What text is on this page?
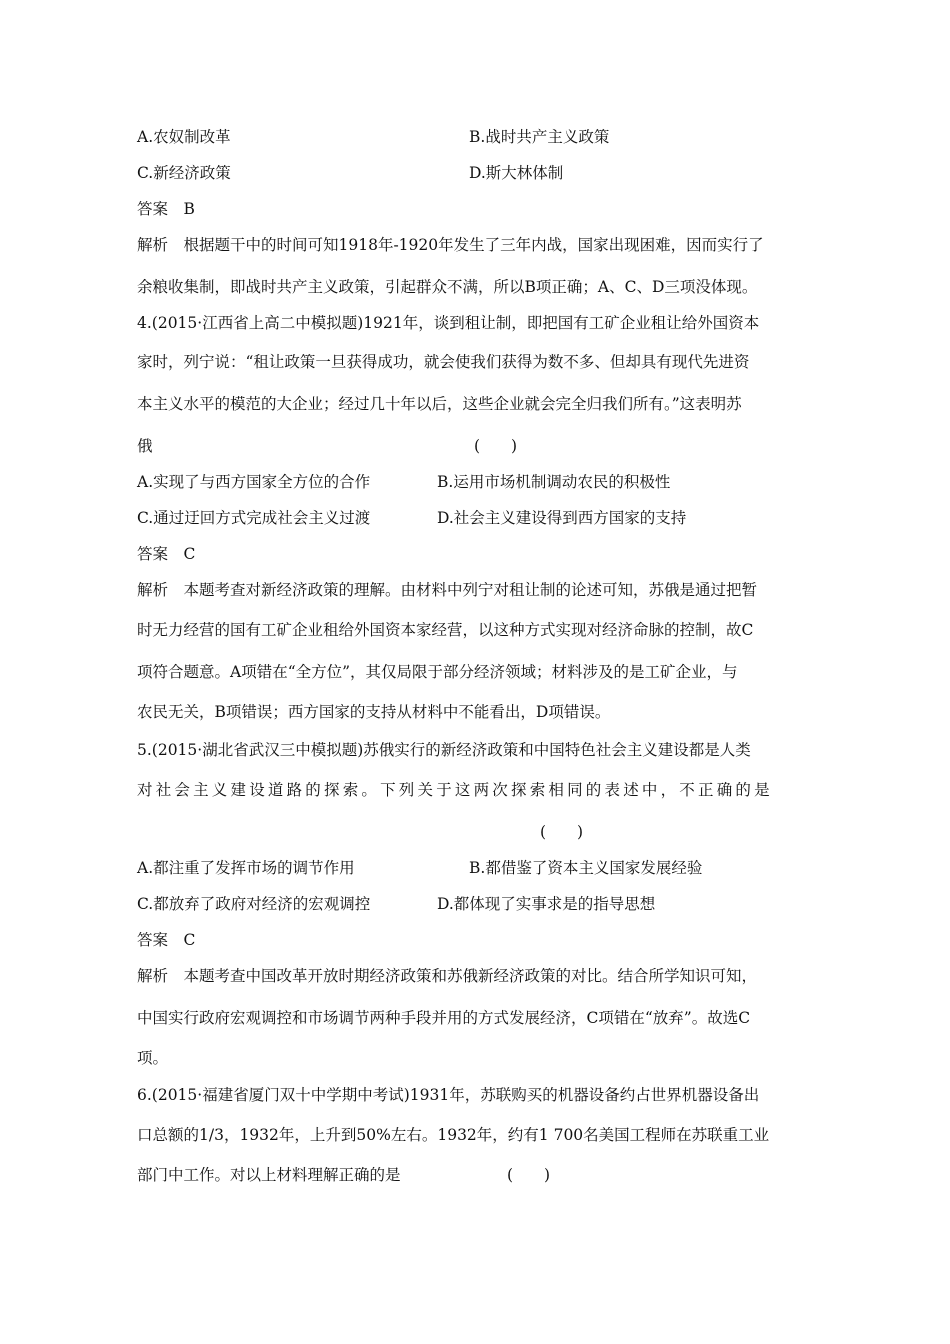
A.农奴制改革	B.战时共产主义政策
C.新经济政策	D.斯大林体制
答案　B
解析　根据题干中的时间可知1918年-1920年发生了三年内战，国家出现困难，因而实行了
余粮收集制，即战时共产主义政策，引起群众不满，所以B项正确；A、C、D三项没体现。
4.(2015·江西省上高二中模拟题)1921年，谈到租让制，即把国有工矿企业租让给外国资本
家时，列宁说：“租让政策一旦获得成功，就会使我们获得为数不多、但却具有现代先进资
本主义水平的模范的大企业；经过几十年以后，这些企业就会完全归我们所有。”这表明苏
俄	(　　)
A.实现了与西方国家全方位的合作	B.运用市场机制调动农民的积极性
C.通过迂回方式完成社会主义过渡	D.社会主义建设得到西方国家的支持
答案　C
解析　本题考查对新经济政策的理解。由材料中列宁对租让制的论述可知，苏俄是通过把暂
时无力经营的国有工矿企业租给外国资本家经营，以这种方式实现对经济命脉的控制，故C
项符合题意。A项错在“全方位”，其仅局限于部分经济领域；材料涉及的是工矿企业，与
农民无关，B项错误；西方国家的支持从材料中不能看出，D项错误。
5.(2015·湖北省武汉三中模拟题)苏俄实行的新经济政策和中国特色社会主义建设都是人类
对社会主义建设道路的探索。下列关于这两次探索相同的表述中，不正确的是
(　　)
A.都注重了发挥市场的调节作用	B.都借鉴了资本主义国家发展经验
C.都放弃了政府对经济的宏观调控	D.都体现了实事求是的指导思想
答案　C
解析　本题考查中国改革开放时期经济政策和苏俄新经济政策的对比。结合所学知识可知，
中国实行政府宏观调控和市场调节两种手段并用的方式发展经济，C项错在“放弃”。故选C
项。
6.(2015·福建省厦门双十中学期中考试)1931年，苏联购买的机器设备约占世界机器设备出
口总额的1/3，1932年，上升到50%左右。1932年，约有1 700名美国工程师在苏联重工业
部门中工作。对以上材料理解正确的是	(　　)
